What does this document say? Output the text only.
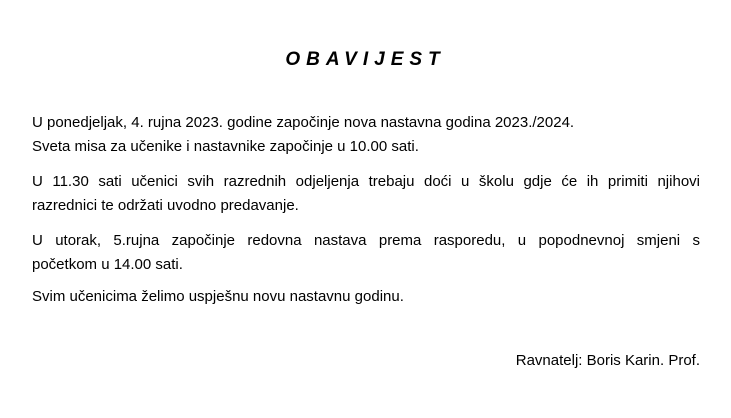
OBAVIJEST

U ponedjeljak, 4. rujna 2023. godine započinje nova nastavna godina 2023./2024.
Sveta misa za učenike i nastavnike započinje u 10.00 sati.

U 11.30 sati učenici svih razrednih odjeljenja trebaju doći u školu gdje će ih primiti njihovi
razrednici te održati uvodno predavanje.

U utorak, 5.rujna započinje redovna nastava prema rasporedu, u popodnevnoj smjeni s
početkom u 14.00 sati.

Svim učenicima želimo uspješnu novu nastavnu godinu.

Ravnatelj: Boris Karin. Prof.
